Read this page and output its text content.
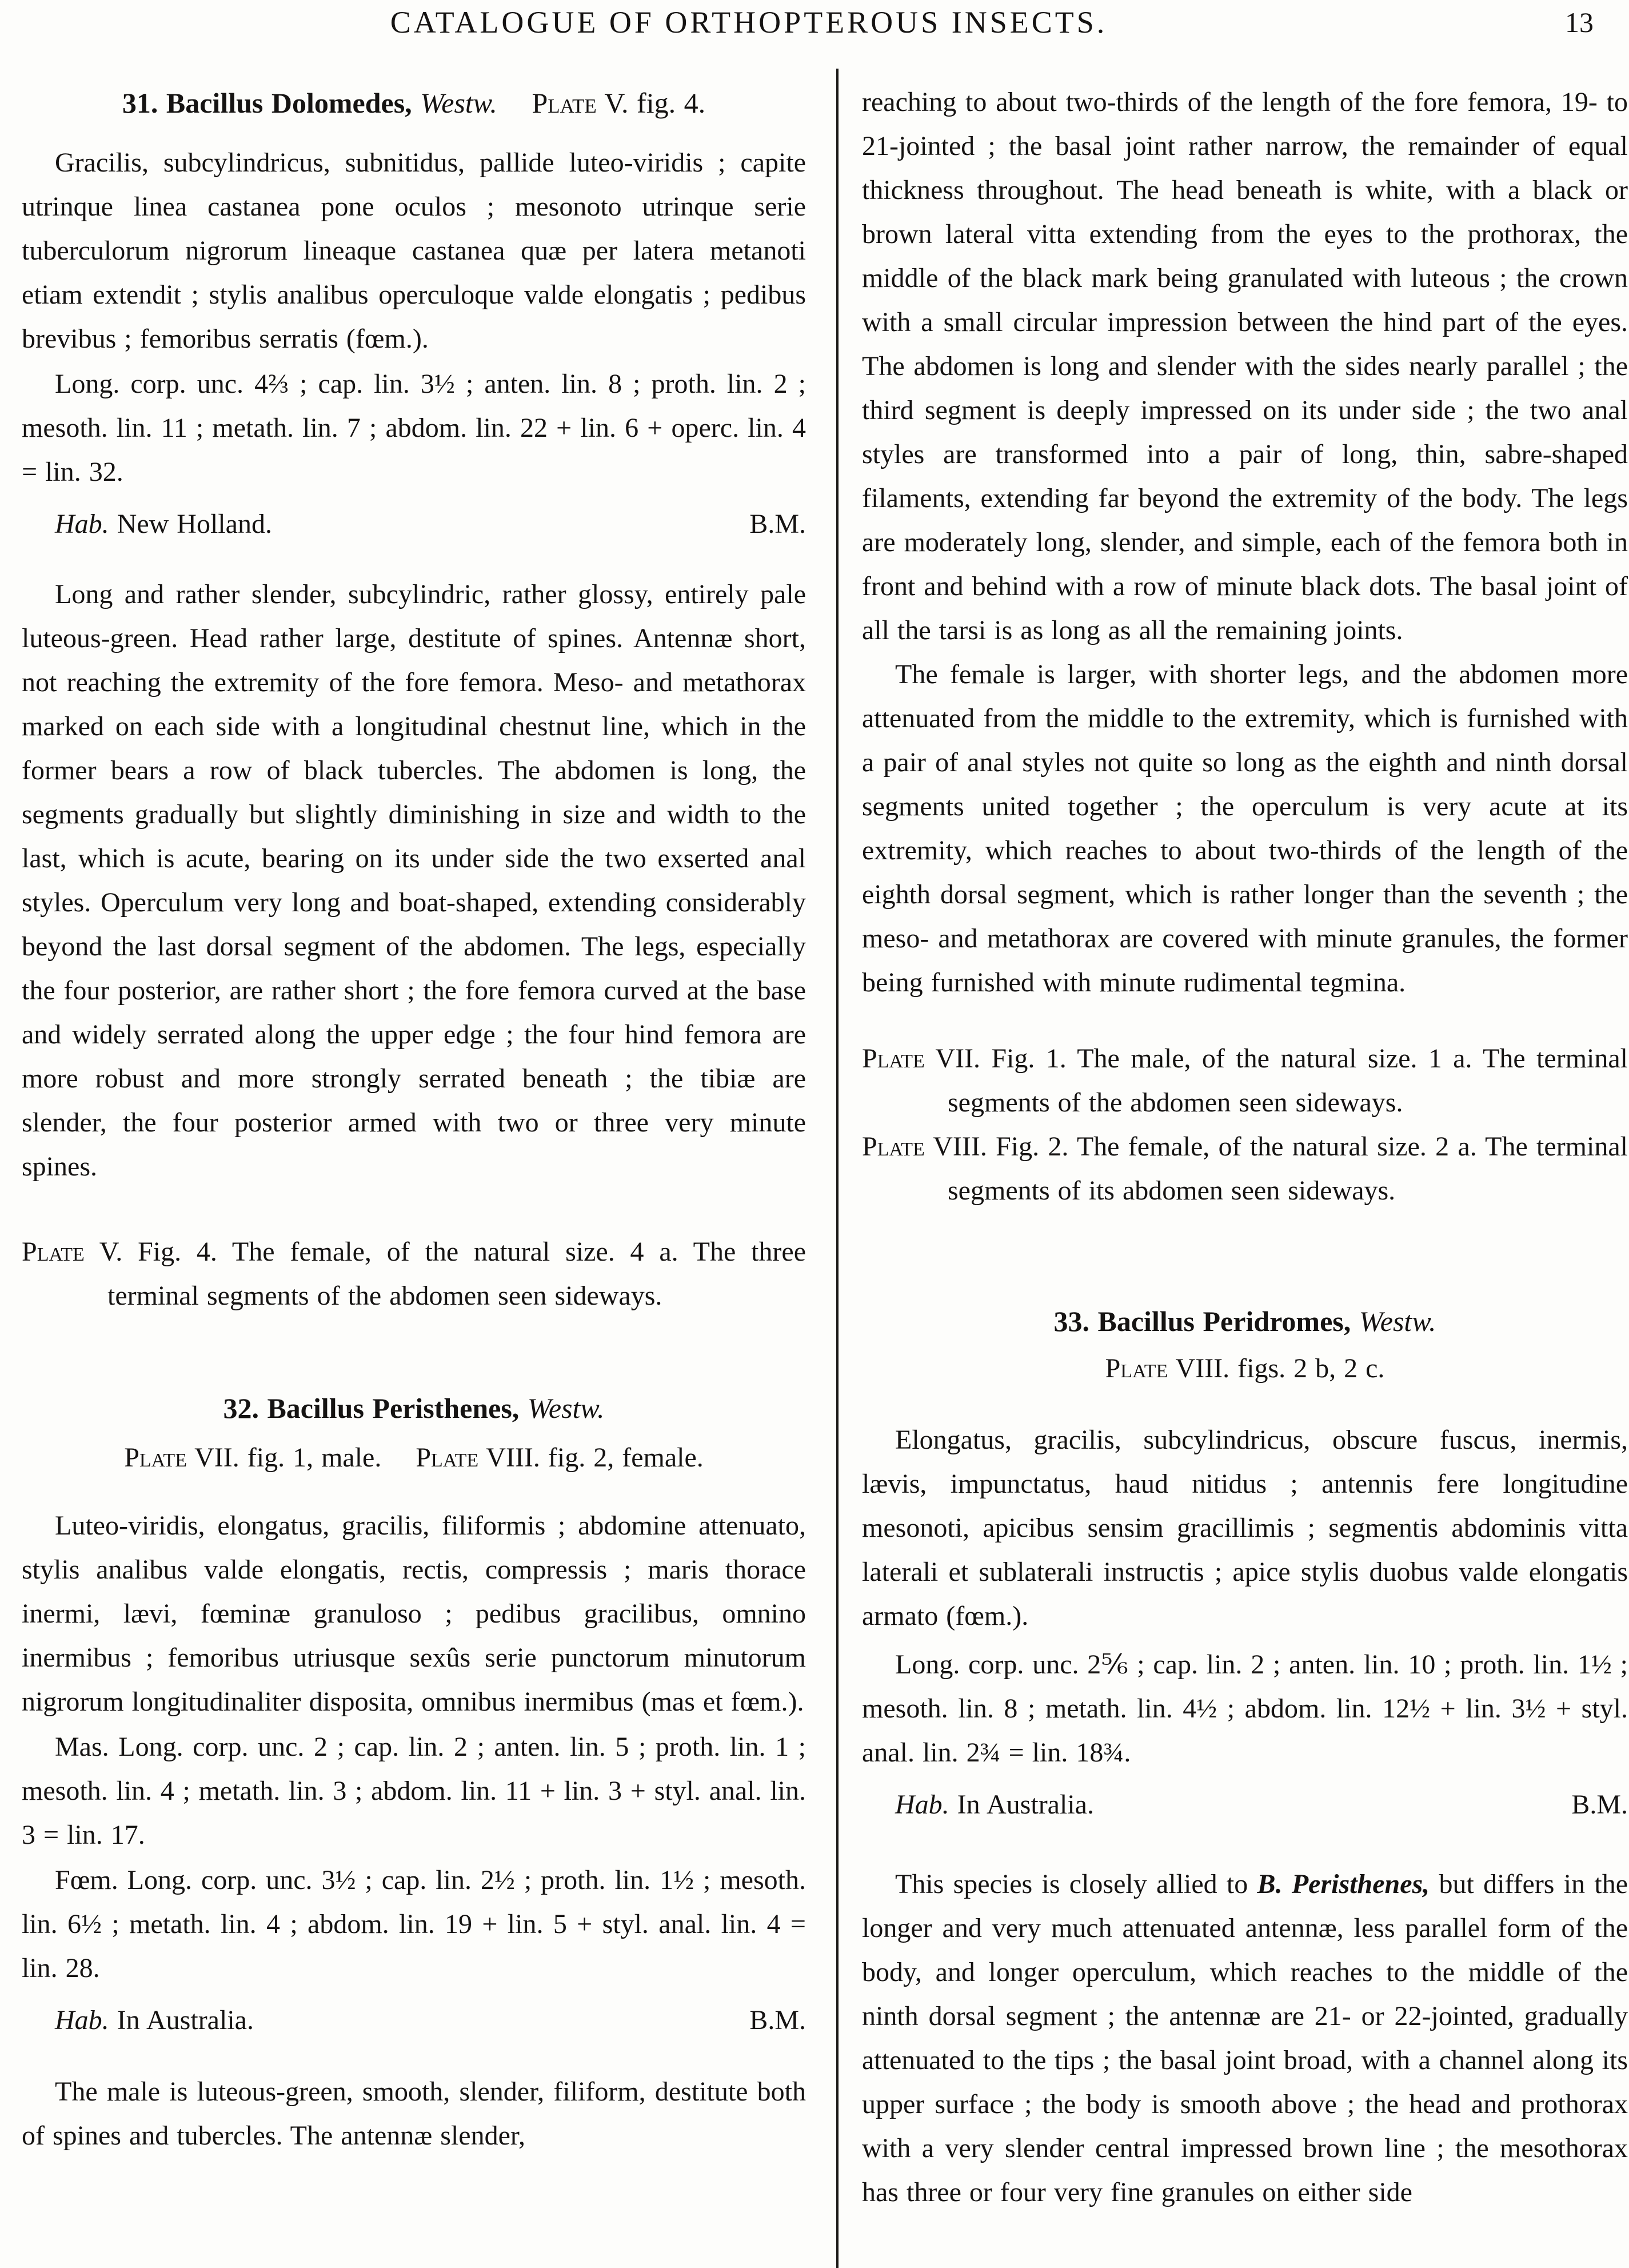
CATALOGUE OF ORTHOPTEROUS INSECTS.	13
31. Bacillus Dolomedes, Westw. Plate V. fig. 4.

Gracilis, subcylindricus, subnitidus, pallide luteo-viridis ; capite utrinque linea castanea pone oculos ; mesonoto utrinque serie tuberculorum nigrorum lineaque castanea quæ per latera metanoti etiam extendit ; stylis analibus operculoque valde elongatis ; pedibus brevibus ; femoribus serratis (fœm.).

Long. corp. unc. 4⅔ ; cap. lin. 3½ ; anten. lin. 8 ; proth. lin. 2 ; mesoth. lin. 11 ; metath. lin. 7 ; abdom. lin. 22 + lin. 6 + operc. lin. 4 = lin. 32.

B.M.
Hab. New Holland.

Long and rather slender, subcylindric, rather glossy, entirely pale luteous-green. Head rather large, destitute of spines. Antennæ short, not reaching the extremity of the fore femora. Meso- and metathorax marked on each side with a longitudinal chestnut line, which in the former bears a row of black tubercles. The abdomen is long, the segments gradually but slightly diminishing in size and width to the last, which is acute, bearing on its under side the two exserted anal styles. Operculum very long and boat-shaped, extending considerably beyond the last dorsal segment of the abdomen. The legs, especially the four posterior, are rather short ; the fore femora curved at the base and widely serrated along the upper edge ; the four hind femora are more robust and more strongly serrated beneath ; the tibiæ are slender, the four posterior armed with two or three very minute spines.

Plate V. Fig. 4. The female, of the natural size. 4 a. The three terminal segments of the abdomen seen sideways.

32. Bacillus Peristhenes, Westw.

Plate VII. fig. 1, male. Plate VIII. fig. 2, female.

Luteo-viridis, elongatus, gracilis, filiformis ; abdomine attenuato, stylis analibus valde elongatis, rectis, compressis ; maris thorace inermi, lævi, fœminæ granuloso ; pedibus gracilibus, omnino inermibus ; femoribus utriusque sexûs serie punctorum minutorum nigrorum longitudinaliter disposita, omnibus inermibus (mas et fœm.).

Mas. Long. corp. unc. 2 ; cap. lin. 2 ; anten. lin. 5 ; proth. lin. 1 ; mesoth. lin. 4 ; metath. lin. 3 ; abdom. lin. 11 + lin. 3 + styl. anal. lin. 3 = lin. 17.

Fœm. Long. corp. unc. 3½ ; cap. lin. 2½ ; proth. lin. 1½ ; mesoth. lin. 6½ ; metath. lin. 4 ; abdom. lin. 19 + lin. 5 + styl. anal. lin. 4 = lin. 28.

B.M.
Hab. In Australia.

The male is luteous-green, smooth, slender, filiform, destitute both of spines and tubercles. The antennæ slender,

reaching to about two-thirds of the length of the fore femora, 19- to 21-jointed ; the basal joint rather narrow, the remainder of equal thickness throughout. The head beneath is white, with a black or brown lateral vitta extending from the eyes to the prothorax, the middle of the black mark being granulated with luteous ; the crown with a small circular impression between the hind part of the eyes. The abdomen is long and slender with the sides nearly parallel ; the third segment is deeply impressed on its under side ; the two anal styles are transformed into a pair of long, thin, sabre-shaped filaments, extending far beyond the extremity of the body. The legs are moderately long, slender, and simple, each of the femora both in front and behind with a row of minute black dots. The basal joint of all the tarsi is as long as all the remaining joints.

The female is larger, with shorter legs, and the abdomen more attenuated from the middle to the extremity, which is furnished with a pair of anal styles not quite so long as the eighth and ninth dorsal segments united together ; the operculum is very acute at its extremity, which reaches to about two-thirds of the length of the eighth dorsal segment, which is rather longer than the seventh ; the meso- and metathorax are covered with minute granules, the former being furnished with minute rudimental tegmina.

Plate VII. Fig. 1. The male, of the natural size. 1 a. The terminal segments of the abdomen seen sideways.

Plate VIII. Fig. 2. The female, of the natural size. 2 a. The terminal segments of its abdomen seen sideways.

33. Bacillus Peridromes, Westw.

Plate VIII. figs. 2 b, 2 c.

Elongatus, gracilis, subcylindricus, obscure fuscus, inermis, lævis, impunctatus, haud nitidus ; antennis fere longitudine mesonoti, apicibus sensim gracillimis ; segmentis abdominis vitta laterali et sublaterali instructis ; apice stylis duobus valde elongatis armato (fœm.).

Long. corp. unc. 2⅚ ; cap. lin. 2 ; anten. lin. 10 ; proth. lin. 1½ ; mesoth. lin. 8 ; metath. lin. 4½ ; abdom. lin. 12½ + lin. 3½ + styl. anal. lin. 2¾ = lin. 18¾.

B.M.
Hab. In Australia.

This species is closely allied to B. Peristhenes, but differs in the longer and very much attenuated antennæ, less parallel form of the body, and longer operculum, which reaches to the middle of the ninth dorsal segment ; the antennæ are 21- or 22-jointed, gradually attenuated to the tips ; the basal joint broad, with a channel along its upper surface ; the body is smooth above ; the head and prothorax with a very slender central impressed brown line ; the mesothorax has three or four very fine granules on either side
